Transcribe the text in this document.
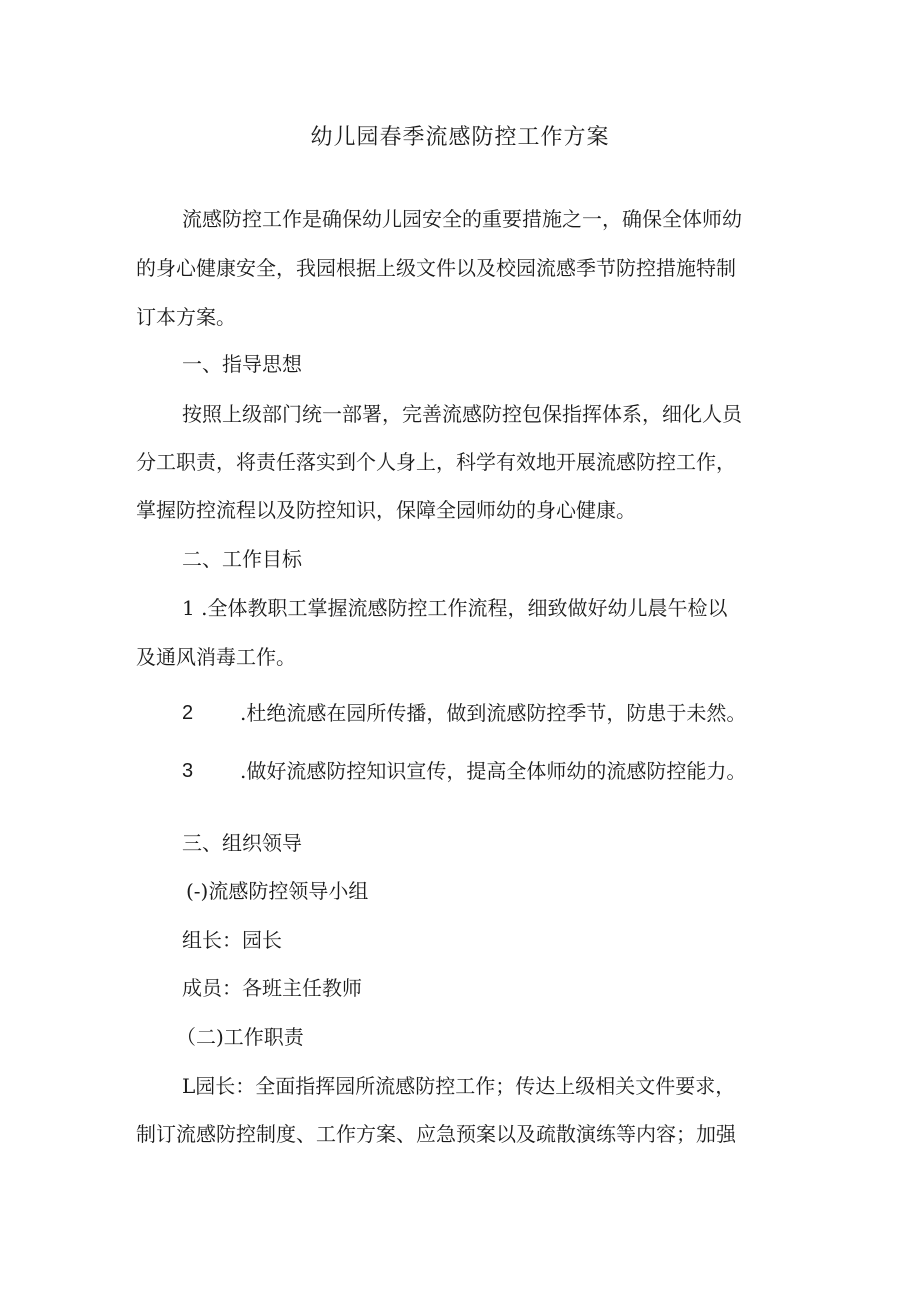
幼儿园春季流感防控工作方案
流感防控工作是确保幼儿园安全的重要措施之一，确保全体师幼
的身心健康安全，我园根据上级文件以及校园流感季节防控措施特制
订本方案。
一、指导思想
按照上级部门统一部署，完善流感防控包保指挥体系，细化人员
分工职责，将责任落实到个人身上，科学有效地开展流感防控工作，
掌握防控流程以及防控知识，保障全园师幼的身心健康。
二、工作目标
1 .全体教职工掌握流感防控工作流程，细致做好幼儿晨午检以
及通风消毒工作。
2	.杜绝流感在园所传播，做到流感防控季节，防患于未然。
3	.做好流感防控知识宣传，提高全体师幼的流感防控能力。
三、组织领导
(-)流感防控领导小组
组长：园长
成员：各班主任教师
（二)工作职责
L园长：全面指挥园所流感防控工作；传达上级相关文件要求，
制订流感防控制度、工作方案、应急预案以及疏散演练等内容；加强
